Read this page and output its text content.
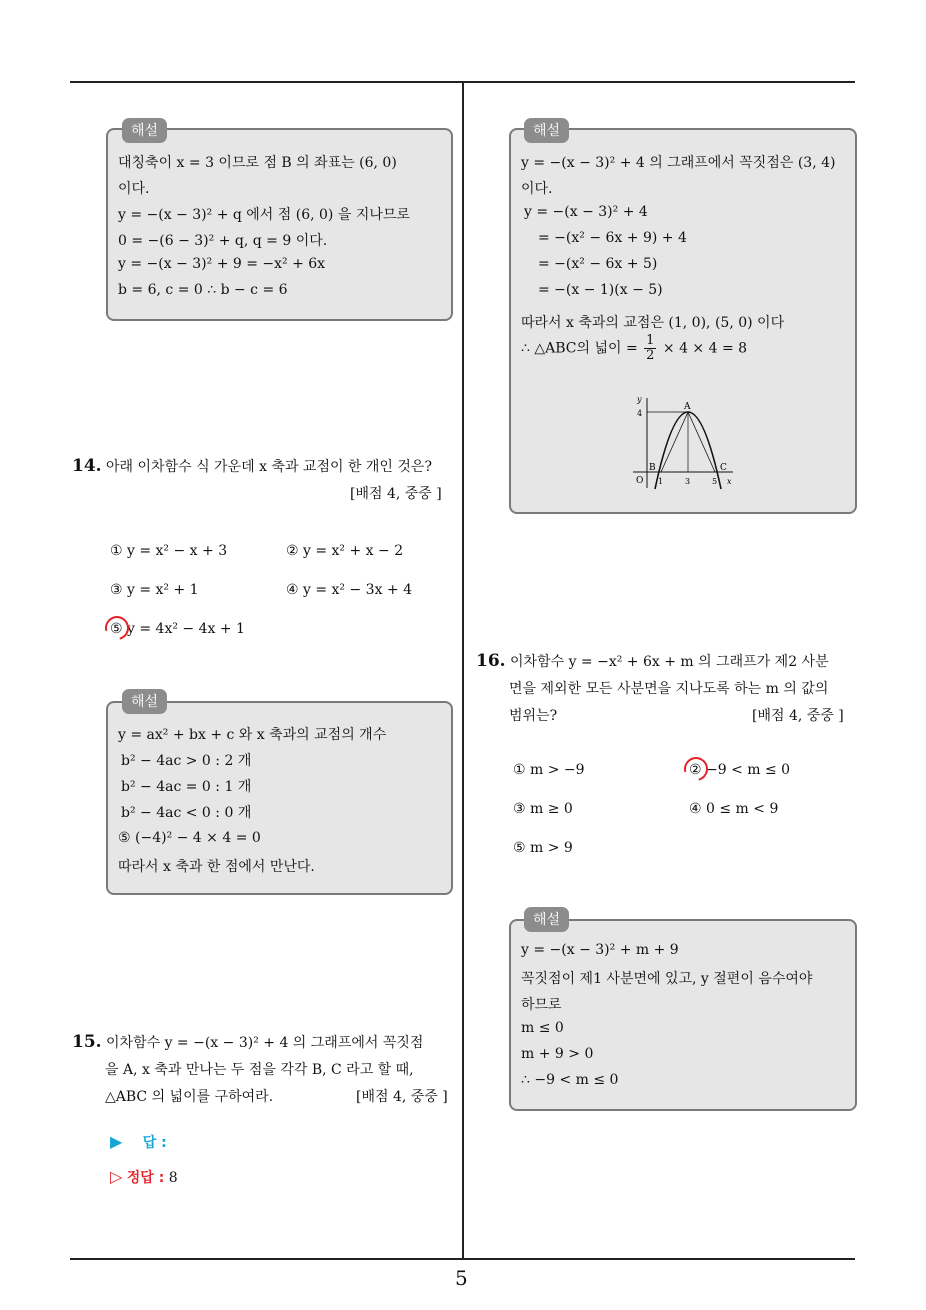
5
해설
대칭축이 x = 3 이므로 점 B 의 좌표는 (6, 0)
이다.
y = −(x − 3)² + q 에서 점 (6, 0) 을 지나므로
0 = −(6 − 3)² + q, q = 9 이다.
y = −(x − 3)² + 9 = −x² + 6x
b = 6, c = 0 ∴ b − c = 6
14. 아래 이차함수 식 가운데 x 축과 교점이 한 개인 것은?
[배점 4, 중중 ]
① y = x² − x + 3	② y = x² + x − 2
③ y = x² + 1	④ y = x² − 3x + 4
⑤ y = 4x² − 4x + 1
해설
y = ax² + bx + c 와 x 축과의 교점의 개수
b² − 4ac > 0 : 2 개
b² − 4ac = 0 : 1 개
b² − 4ac < 0 : 0 개
⑤ (−4)² − 4 × 4 = 0
따라서 x 축과 한 점에서 만난다.
15. 이차함수 y = −(x − 3)² + 4 의 그래프에서 꼭짓점
을 A, x 축과 만나는 두 점을 각각 B, C 라고 할 때,
△ABC 의 넓이를 구하여라.	[배점 4, 중중 ]
▶ 답 :
▷ 정답 : 8
해설
y = −(x − 3)² + 4 의 그래프에서 꼭짓점은 (3, 4)
이다.
y = −(x − 3)² + 4
= −(x² − 6x + 9) + 4
= −(x² − 6x + 5)
= −(x − 1)(x − 5)
따라서 x 축과의 교점은 (1, 0), (5, 0) 이다
∴ △ABC의 넓이 = $\frac{1}{2} \times 4 \times 4 = 8$
y
4
A
B	C
O 1	3	5 x
16. 이차함수 y = −x² + 6x + m 의 그래프가 제2 사분
면을 제외한 모든 사분면을 지나도록 하는 m 의 값의
범위는?	[배점 4, 중중 ]
① m > −9	② −9 < m ≤ 0
③ m ≥ 0	④ 0 ≤ m < 9
⑤ m > 9
해설
y = −(x − 3)² + m + 9
꼭짓점이 제1 사분면에 있고, y 절편이 음수여야
하므로
m ≤ 0
m + 9 > 0
∴ −9 < m ≤ 0
